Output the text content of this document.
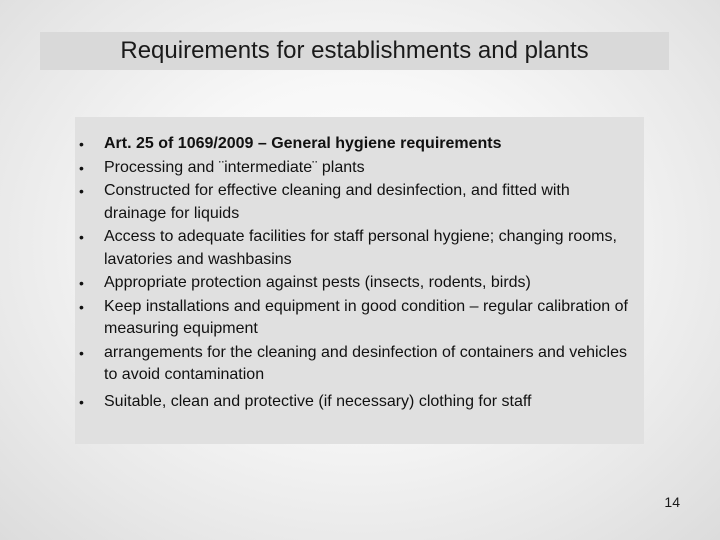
Requirements for establishments and plants
•	Art. 25 of 1069/2009 – General hygiene requirements
•	Processing and ¨intermediate¨ plants
•	Constructed for effective cleaning and desinfection, and fitted with drainage for liquids
•	Access to adequate facilities for staff personal hygiene; changing rooms, lavatories and washbasins
•	Appropriate protection against pests (insects, rodents, birds)
•	Keep installations and equipment in good condition – regular calibration of measuring equipment
•	arrangements for the cleaning and desinfection of containers and vehicles to avoid contamination
•	Suitable, clean and protective (if necessary) clothing for staff
14
